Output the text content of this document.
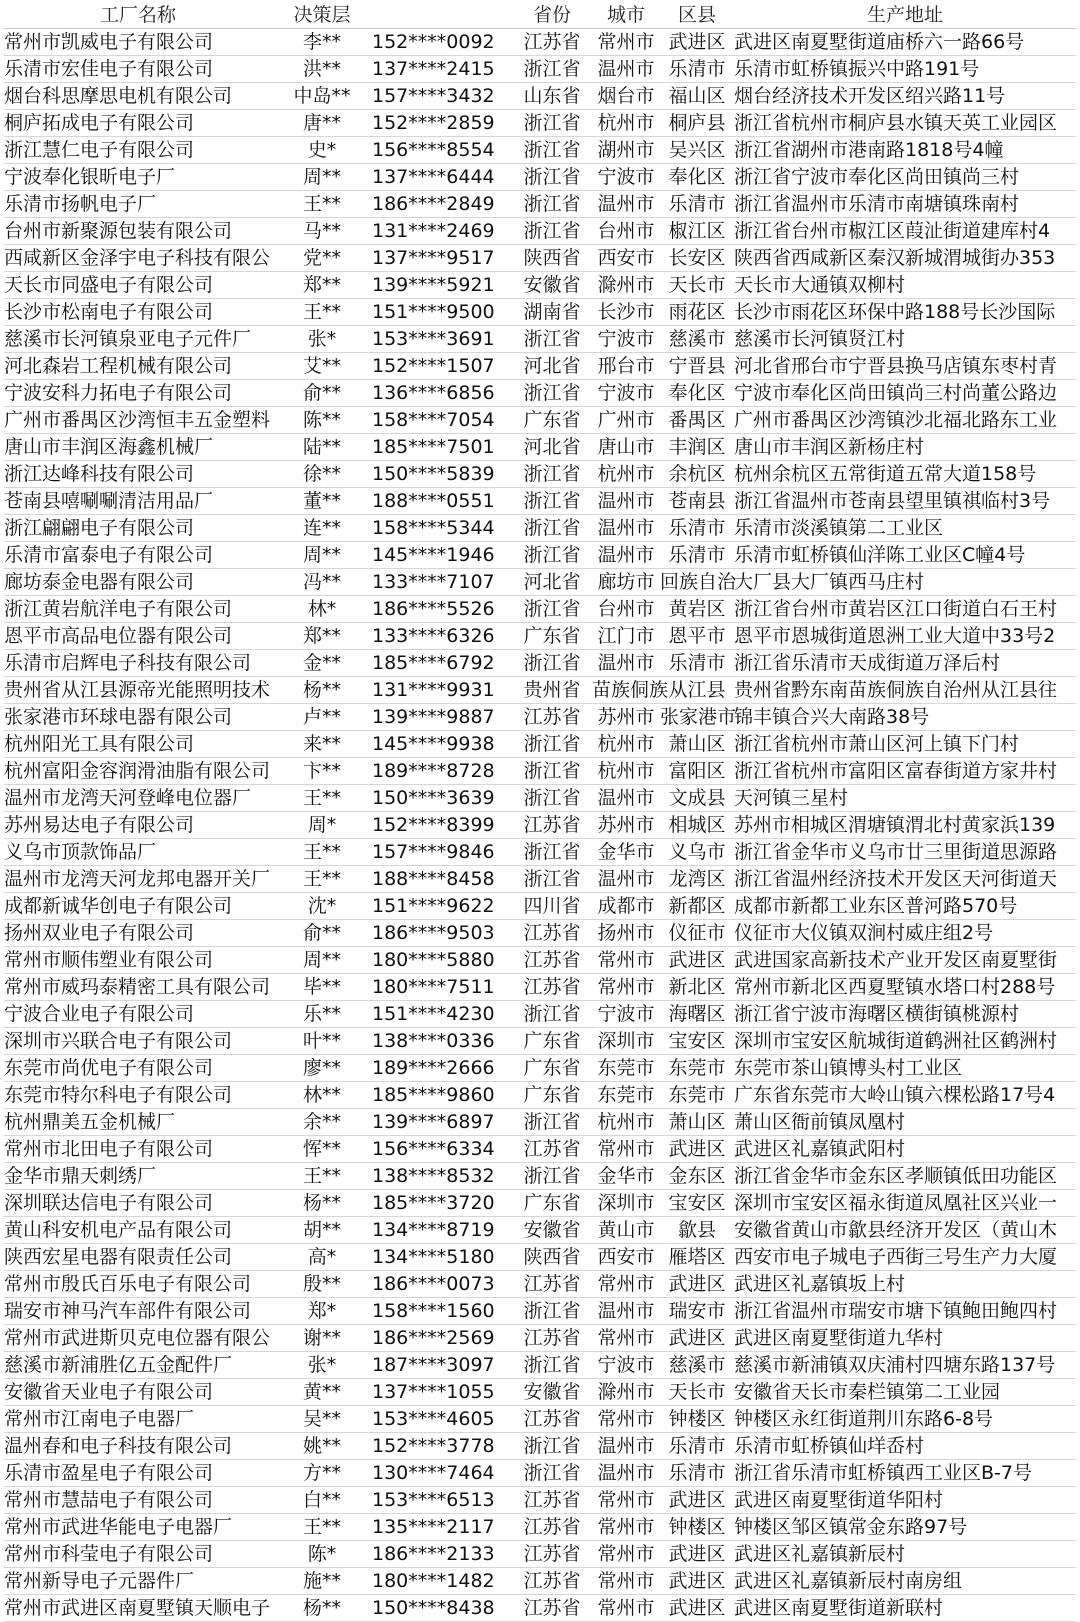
工厂名称	决策层		省份	城市	区县	生产地址
常州市凯威电子有限公司	李**	152****0092	江苏省	常州市	武进区	武进区南夏墅街道庙桥六一路66号
乐清市宏佳电子有限公司	洪**	137****2415	浙江省	温州市	乐清市	乐清市虹桥镇振兴中路191号
烟台科思摩思电机有限公司	中岛**	157****3432	山东省	烟台市	福山区	烟台经济技术开发区绍兴路11号
桐庐拓成电子有限公司	唐**	152****2859	浙江省	杭州市	桐庐县	浙江省杭州市桐庐县水镇天英工业园区
浙江慧仁电子有限公司	史*	156****8554	浙江省	湖州市	吴兴区	浙江省湖州市港南路1818号4幢
宁波奉化银昕电子厂	周**	137****6444	浙江省	宁波市	奉化区	浙江省宁波市奉化区尚田镇尚三村
乐清市扬帆电子厂	王**	186****2849	浙江省	温州市	乐清市	浙江省温州市乐清市南塘镇珠南村
台州市新聚源包装有限公司	马**	131****2469	浙江省	台州市	椒江区	浙江省台州市椒江区葭沚街道建库村4
西咸新区金泽宇电子科技有限公	党**	137****9517	陕西省	西安市	长安区	陕西省西咸新区秦汉新城渭城街办353
天长市同盛电子有限公司	郑**	139****5921	安徽省	滁州市	天长市	天长市大通镇双柳村
长沙市松南电子有限公司	王**	151****9500	湖南省	长沙市	雨花区	长沙市雨花区环保中路188号长沙国际
慈溪市长河镇泉亚电子元件厂	张*	153****3691	浙江省	宁波市	慈溪市	慈溪市长河镇贤江村
河北森岩工程机械有限公司	艾**	152****1507	河北省	邢台市	宁晋县	河北省邢台市宁晋县换马店镇东枣村青
宁波安科力拓电子有限公司	俞**	136****6856	浙江省	宁波市	奉化区	宁波市奉化区尚田镇尚三村尚董公路边
广州市番禺区沙湾恒丰五金塑料	陈**	158****7054	广东省	广州市	番禺区	广州市番禺区沙湾镇沙北福北路东工业
唐山市丰润区海鑫机械厂	陆**	185****7501	河北省	唐山市	丰润区	唐山市丰润区新杨庄村
浙江达峰科技有限公司	徐**	150****5839	浙江省	杭州市	余杭区	杭州余杭区五常街道五常大道158号
苍南县嘻唰唰清洁用品厂	董**	188****0551	浙江省	温州市	苍南县	浙江省温州市苍南县望里镇祺临村3号
浙江翩翩电子有限公司	连**	158****5344	浙江省	温州市	乐清市	乐清市淡溪镇第二工业区
乐清市富泰电子有限公司	周**	145****1946	浙江省	温州市	乐清市	乐清市虹桥镇仙洋陈工业区C幢4号
廊坊泰金电器有限公司	冯**	133****7107	河北省	廊坊市	回族自治	大厂县大厂镇西马庄村
浙江黄岩航洋电子有限公司	林*	186****5526	浙江省	台州市	黄岩区	浙江省台州市黄岩区江口街道白石王村
恩平市高品电位器有限公司	郑**	133****6326	广东省	江门市	恩平市	恩平市恩城街道恩洲工业大道中33号2
乐清市启辉电子科技有限公司	金**	185****6792	浙江省	温州市	乐清市	浙江省乐清市天成街道万泽后村
贵州省从江县源帝光能照明技术	杨**	131****9931	贵州省	苗族侗族	从江县	贵州省黔东南苗族侗族自治州从江县往
张家港市环球电器有限公司	卢**	139****9887	江苏省	苏州市	张家港市	锦丰镇合兴大南路38号
杭州阳光工具有限公司	来**	145****9938	浙江省	杭州市	萧山区	浙江省杭州市萧山区河上镇下门村
杭州富阳金容润滑油脂有限公司	卞**	189****8728	浙江省	杭州市	富阳区	浙江省杭州市富阳区富春街道方家井村
温州市龙湾天河登峰电位器厂	王**	150****3639	浙江省	温州市	文成县	天河镇三星村
苏州易达电子有限公司	周*	152****8399	江苏省	苏州市	相城区	苏州市相城区渭塘镇渭北村黄家浜139
义乌市顶款饰品厂	王**	157****9846	浙江省	金华市	义乌市	浙江省金华市义乌市廿三里街道思源路
温州市龙湾天河龙邦电器开关厂	王**	188****8458	浙江省	温州市	龙湾区	浙江省温州经济技术开发区天河街道天
成都新诚华创电子有限公司	沈*	151****9622	四川省	成都市	新都区	成都市新都工业东区普河路570号
扬州双业电子有限公司	俞**	186****9503	江苏省	扬州市	仪征市	仪征市大仪镇双涧村威庄组2号
常州市顺伟塑业有限公司	周**	180****5880	江苏省	常州市	武进区	武进国家高新技术产业开发区南夏墅街
常州市威玛泰精密工具有限公司	毕**	180****7511	江苏省	常州市	新北区	常州市新北区西夏墅镇水塔口村288号
宁波合业电子有限公司	乐**	151****4230	浙江省	宁波市	海曙区	浙江省宁波市海曙区横街镇桃源村
深圳市兴联合电子有限公司	叶**	138****0336	广东省	深圳市	宝安区	深圳市宝安区航城街道鹤洲社区鹤洲村
东莞市尚优电子有限公司	廖**	189****2666	广东省	东莞市	东莞市	东莞市茶山镇博头村工业区
东莞市特尔科电子有限公司	林**	185****9860	广东省	东莞市	东莞市	广东省东莞市大岭山镇六棵松路17号4
杭州鼎美五金机械厂	余**	139****6897	浙江省	杭州市	萧山区	萧山区衙前镇凤凰村
常州市北田电子有限公司	恽**	156****6334	江苏省	常州市	武进区	武进区礼嘉镇武阳村
金华市鼎天刺绣厂	王**	138****8532	浙江省	金华市	金东区	浙江省金华市金东区孝顺镇低田功能区
深圳联达信电子有限公司	杨**	185****3720	广东省	深圳市	宝安区	深圳市宝安区福永街道凤凰社区兴业一
黄山科安机电产品有限公司	胡**	134****8719	安徽省	黄山市	歙县	安徽省黄山市歙县经济开发区（黄山木
陕西宏星电器有限责任公司	高*	134****5180	陕西省	西安市	雁塔区	西安市电子城电子西街三号生产力大厦
常州市殷氏百乐电子有限公司	殷**	186****0073	江苏省	常州市	武进区	武进区礼嘉镇坂上村
瑞安市神马汽车部件有限公司	郑*	158****1560	浙江省	温州市	瑞安市	浙江省温州市瑞安市塘下镇鲍田鲍四村
常州市武进斯贝克电位器有限公	谢**	186****2569	江苏省	常州市	武进区	武进区南夏墅街道九华村
慈溪市新浦胜亿五金配件厂	张*	187****3097	浙江省	宁波市	慈溪市	慈溪市新浦镇双庆浦村四塘东路137号
安徽省天业电子有限公司	黄**	137****1055	安徽省	滁州市	天长市	安徽省天长市秦栏镇第二工业园
常州市江南电子电器厂	吴**	153****4605	江苏省	常州市	钟楼区	钟楼区永红街道荆川东路6-8号
温州春和电子科技有限公司	姚**	152****3778	浙江省	温州市	乐清市	乐清市虹桥镇仙垟岙村
乐清市盈星电子有限公司	方**	130****7464	浙江省	温州市	乐清市	浙江省乐清市虹桥镇西工业区B-7号
常州市慧喆电子有限公司	白**	153****6513	江苏省	常州市	武进区	武进区南夏墅街道华阳村
常州市武进华能电子电器厂	王**	135****2117	江苏省	常州市	钟楼区	钟楼区邹区镇常金东路97号
常州市科莹电子有限公司	陈*	186****2133	江苏省	常州市	武进区	武进区礼嘉镇新辰村
常州新导电子元器件厂	施**	180****1482	江苏省	常州市	武进区	武进区礼嘉镇新辰村南房组
常州市武进区南夏墅镇天顺电子	杨**	150****8438	江苏省	常州市	武进区	武进区南夏墅街道新联村
